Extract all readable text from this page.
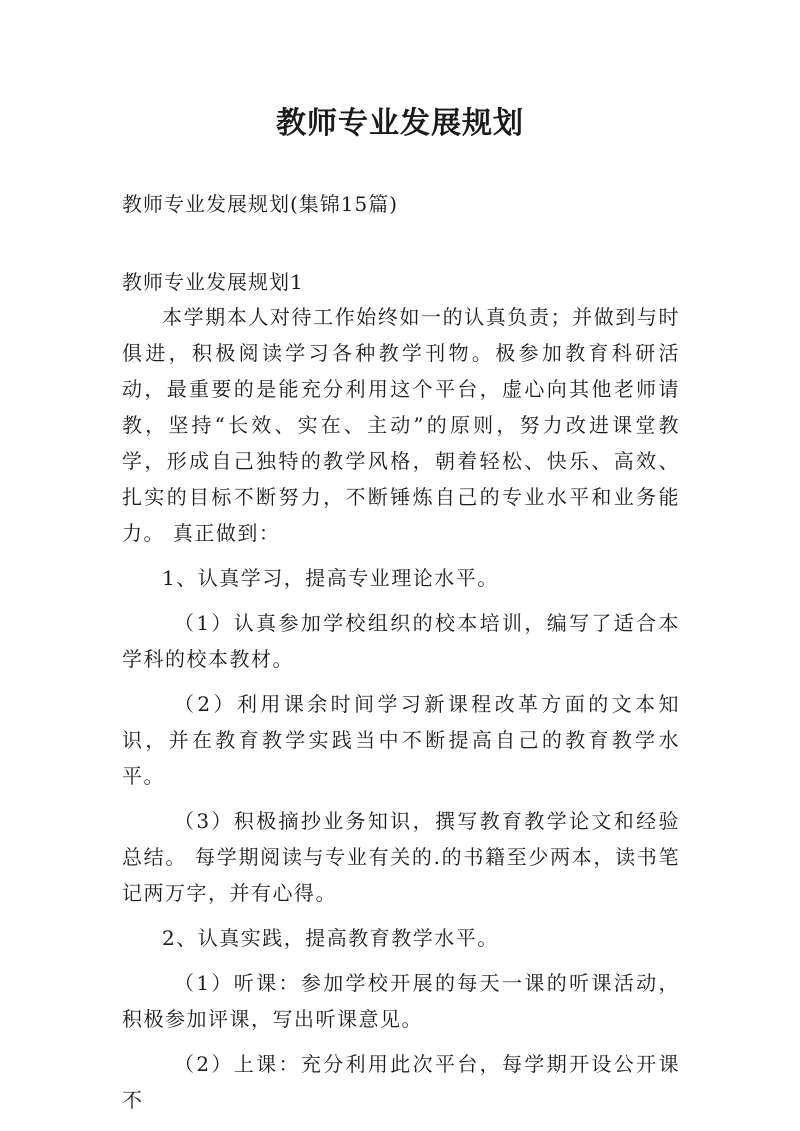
教师专业发展规划
教师专业发展规划(集锦15篇)
教师专业发展规划1

本学期本人对待工作始终如一的认真负责；并做到与时俱进，积极阅读学习各种教学刊物。极参加教育科研活动，最重要的是能充分利用这个平台，虚心向其他老师请教，坚持“长效、实在、主动”的原则，努力改进课堂教学，形成自己独特的教学风格，朝着轻松、快乐、高效、扎实的目标不断努力，不断锤炼自己的专业水平和业务能力。 真正做到：

1、认真学习，提高专业理论水平。

（1）认真参加学校组织的校本培训，编写了适合本学科的校本教材。

（2）利用课余时间学习新课程改革方面的文本知识，并在教育教学实践当中不断提高自己的教育教学水平。

（3）积极摘抄业务知识，撰写教育教学论文和经验总结。 每学期阅读与专业有关的.的书籍至少两本，读书笔记两万字，并有心得。

2、认真实践，提高教育教学水平。

（1）听课：参加学校开展的每天一课的听课活动，积极参加评课，写出听课意见。

（2）上课：充分利用此次平台，每学期开设公开课不
